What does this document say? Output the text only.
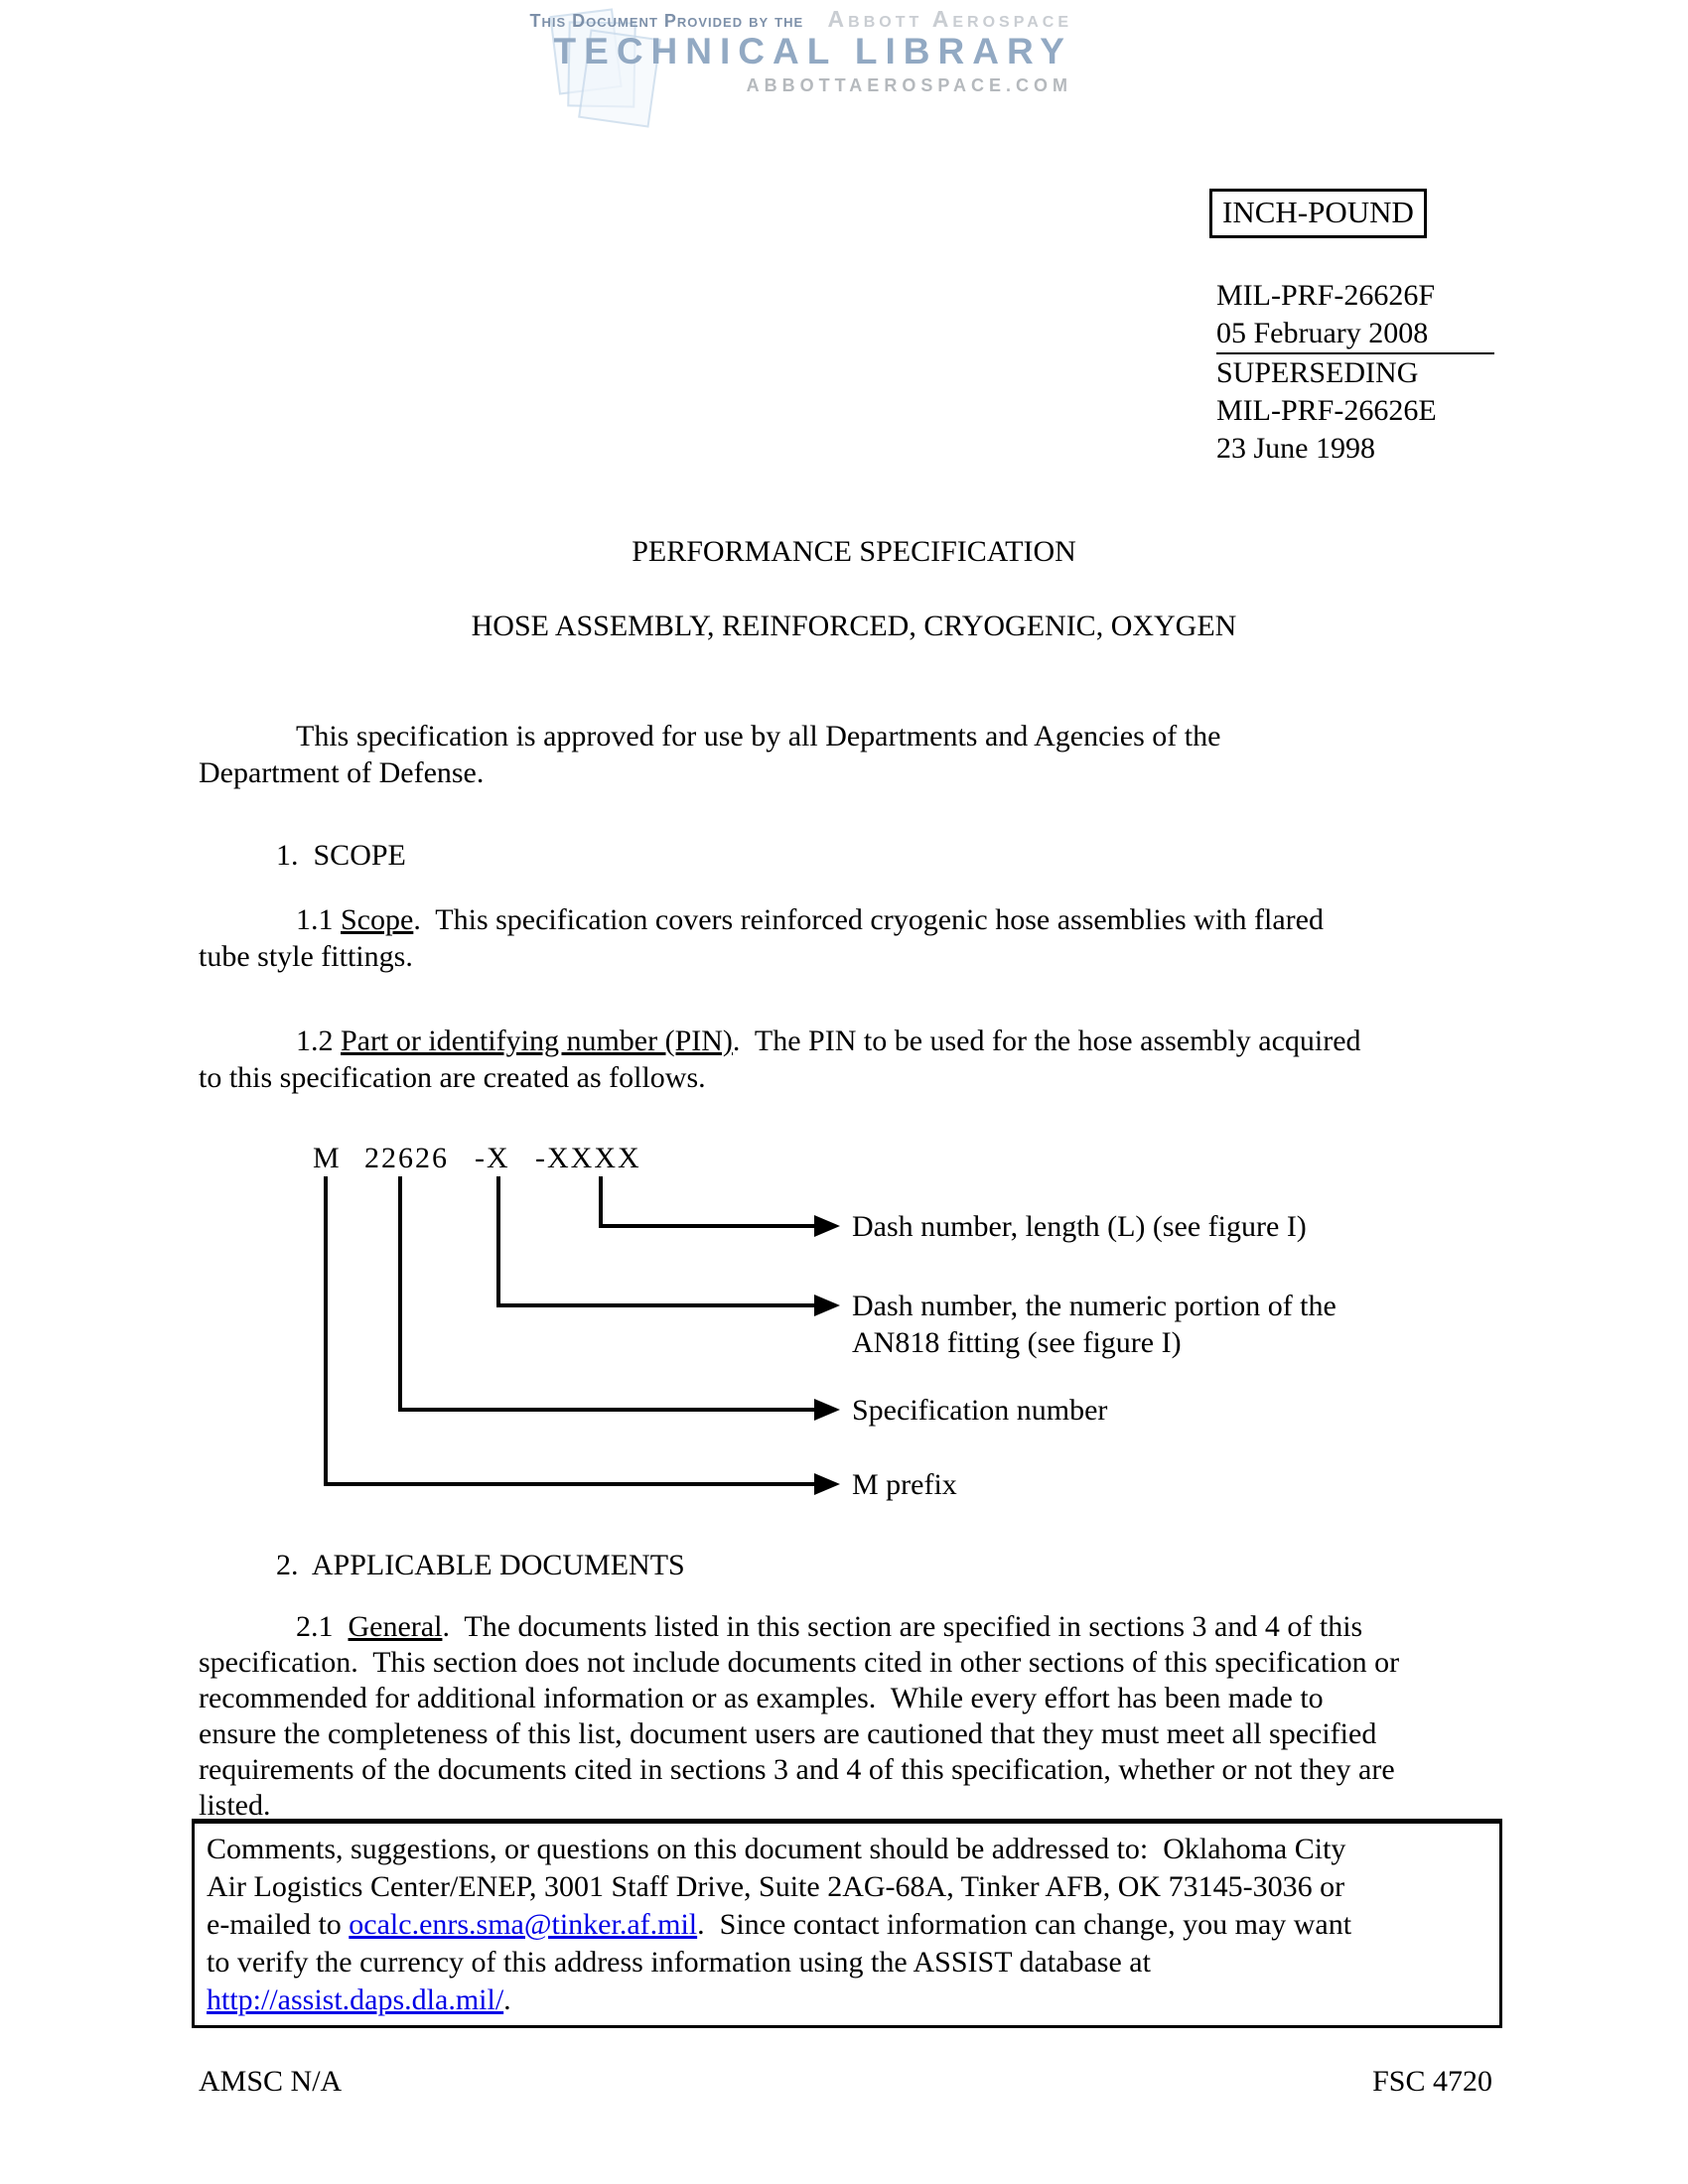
This Document Provided by the Abbott Aerospace
TECHNICAL LIBRARY
ABBOTTAEROSPACE.COM
INCH-POUND
MIL-PRF-26626F
05 February 2008
SUPERSEDING
MIL-PRF-26626E
23 June 1998
PERFORMANCE SPECIFICATION
HOSE ASSEMBLY, REINFORCED, CRYOGENIC, OXYGEN
This specification is approved for use by all Departments and Agencies of the
Department of Defense.
1.  SCOPE
1.1 Scope.  This specification covers reinforced cryogenic hose assemblies with flared
tube style fittings.
1.2 Part or identifying number (PIN).  The PIN to be used for the hose assembly acquired
to this specification are created as follows.
M 22626 -X -XXXX
Dash number, length (L) (see figure I)
Dash number, the numeric portion of the
AN818 fitting (see figure I)
Specification number
M prefix
2.  APPLICABLE DOCUMENTS
2.1  General.  The documents listed in this section are specified in sections 3 and 4 of this
specification.  This section does not include documents cited in other sections of this specification or
recommended for additional information or as examples.  While every effort has been made to
ensure the completeness of this list, document users are cautioned that they must meet all specified
requirements of the documents cited in sections 3 and 4 of this specification, whether or not they are
listed.
Comments, suggestions, or questions on this document should be addressed to:  Oklahoma City
Air Logistics Center/ENEP, 3001 Staff Drive, Suite 2AG-68A, Tinker AFB, OK 73145-3036 or
e-mailed to ocalc.enrs.sma@tinker.af.mil.  Since contact information can change, you may want
to verify the currency of this address information using the ASSIST database at
http://assist.daps.dla.mil/.
AMSC N/A	FSC 4720
